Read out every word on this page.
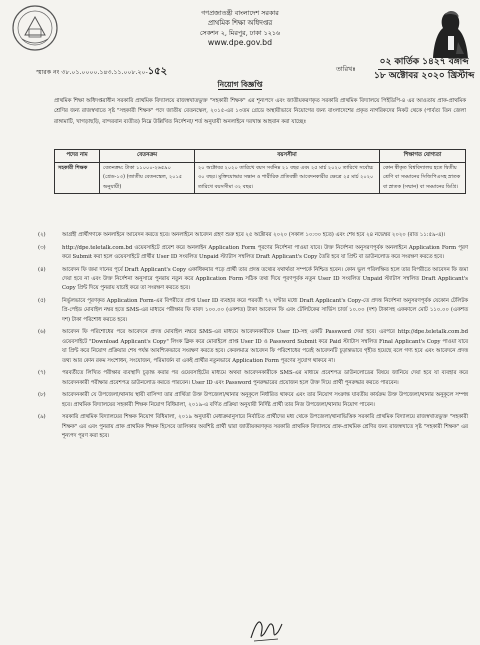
গণপ্রজাতন্ত্রী বাংলাদেশ সরকার
প্রাথমিক শিক্ষা অধিদপ্তর
সেকশন ২, মিরপুর, ঢাকা ১২১৬
www.dpe.gov.bd
স্মারক নং ৩৮.০১.০০০০.১৪৩.১১.০০৮.২০-১৫২	তারিখঃ
০২ কার্তিক ১৪২৭ বঙ্গাব্দ
১৮ অক্টোবর ২০২০ খ্রিস্টাব্দ
নিয়োগ বিজ্ঞপ্তি
প্রাথমিক শিক্ষা অধিদপ্তরাধীন সরকারি প্রাথমিক বিদ্যালয়ে রাজস্বখাতভুক্ত "সহকারী শিক্ষক" এর শূন্যপদে এবং জাতীয়করণকৃত সরকারি প্রাথমিক বিদ্যালয়ে পিইডিপি-৪ এর আওতায় প্রাক-প্রাথমিক শ্রেণির জন্য রাজস্বখাতে সৃষ্ট "সহকারী শিক্ষক" পদে জাতীয় বেতনস্কেল, ২০১৫-এর ১৩তম গ্রেডে অস্থায়ীভাবে নিয়োগের জন্য বাংলাদেশের প্রকৃত নাগরিকদের নিকট থেকে (পার্বত্য তিন জেলা রাঙ্গামাটি, খাগড়াছড়ি, বান্দরবান ব্যতীত) নিম্নে উল্লিখিত নির্দেশনা/ শর্ত অনুযায়ী অনলাইনে দরখাস্ত আহবান করা যাচ্ছেঃ
পদের নাম	বেতনক্রম	বয়সসীমা	শিক্ষাগত যোগ্যতা
সহকারী শিক্ষক	বেতনক্রম: টাকা ১১০০০-২৬৫৯০ (গ্রেড-১৩) (জাতীয় বেতনস্কেল, ২০১৫ অনুযায়ী)	২০ অক্টোবর ২০২০ তারিখে বয়স সর্বনিম্ন ২১ বছর এবং ২৫ মার্চ ২০২০ তারিখে সর্বোচ্চ ৩০ বছর। মুক্তিযোদ্ধার সন্তান ও শারীরিক প্রতিবন্ধী আবেদনকারীর ক্ষেত্রে ২৫ মার্চ ২০২০ তারিখে বয়সসীমা ৩২ বছর।	কোন স্বীকৃত বিশ্ববিদ্যালয় হতে দ্বিতীয় শ্রেণি বা সমমানের সিজিপিএসহ স্নাতক বা স্নাতক (সম্মান) বা সমমানের ডিগ্রি।
(২)	আগ্রহী প্রার্থীগণকে অনলাইনে আবেদন করতে হবে। অনলাইনে আবেদন গ্রহণ শুরু হবে ২৫ অক্টোবর ২০২০ (সকাল ১০:৩০ হতে) এবং শেষ হবে ২৪ নভেম্বর ২০২০ (রাত ১১:৫৯-এ)।
(৩)	http://dpe.teletalk.com.bd ওয়েবসাইটে প্রবেশ করে অনলাইন Application Form পূরণের নির্দেশনা পাওয়া যাবে। উক্ত নির্দেশনা অনুসরণপূর্বক অনলাইনে Application Form পূরণ করে Submit করা হলে ওয়েবসাইটে প্রার্থীর User ID সংবলিত Unpaid স্ট্যাটাস সম্বলিত Draft Applicant's Copy তৈরি হবে যা প্রিন্ট বা ডাউনলোড করে সংরক্ষণ করতে হবে।
(৪)	আবেদন ফি জমা দানের পূর্বে Draft Applicant's Copy একাধিকবার পড়ে প্রার্থী তার প্রদত্ত তথ্যের যথার্থতা সম্পর্কে নিশ্চিত হবেন। কোন ভুল পরিলক্ষিত হলে তার বিপরীতে আবেদন ফি জমা দেয়া হবে না এবং উক্ত নির্দেশনা অনুসারে পুনরায় নতুন করে Application Form সঠিক তথ্য দিয়ে পূরণপূর্বক নতুন User ID সংবলিত Unpaid স্ট্যাটাস সম্বলিত Draft Applicant's Copy প্রিন্ট দিয়ে পুনরায় যাচাই করে তা সংরক্ষণ করতে হবে।
(৫)	নির্ভুলভাবে পূরণকৃত Application Form-এর বিপরীতে প্রাপ্ত User ID ব্যবহার করে পরবর্তী ৭২ ঘণ্টার মধ্যে Draft Applicant's Copy-তে প্রদত্ত নির্দেশনা অনুসরণপূর্বক যেকোন টেলিটক প্রি-পেইড মোবাইল নম্বর হতে SMS-এর মাধ্যমে পরীক্ষার ফি বাবদ ১০০.০০ (একশত) টাকা আবেদন ফি এবং টেলিটকের সার্ভিস চার্জ ১০.০০ (দশ) টাকাসহ এককালে মোট ১১০.০০ (একশত দশ) টাকা পরিশোধ করতে হবে।
(৬)	আবেদন ফি পরিশোধের পরে আবেদনে প্রদত্ত মোবাইল নম্বরে SMS-এর মাধ্যমে আবেদনকারীকে User ID-সহ একটি Password দেয়া হবে। এরপরে http://dpe.teletalk.com.bd ওয়েবসাইটে "Download Applicant's Copy" লিংক ক্লিক করে মোবাইলে প্রাপ্ত User ID ও Password Submit করে Paid স্ট্যাটাস সম্বলিত Final Applicant's Copy পাওয়া যাবে যা প্রিন্ট করে নিয়োগ প্রক্রিয়ার শেষ পর্যন্ত আবশ্যিকভাবে সংরক্ষণ করতে হবে। কেবলমাত্র আবেদন ফি পরিশোধের পরেই আবেদনটি চূড়ান্তভাবে গৃহীত হয়েছে বলে গণ্য হবে এবং আবেদনে প্রদত্ত তথ্য আর কোন রকম সংশোধন, সংযোজন, পরিমার্জন বা একই প্রার্থীর নতুনভাবে Application Form পূরণের সুযোগ থাকবে না।
(৭)	পরবর্তীতে লিখিত পরীক্ষার ব্যবস্থাদি চূড়ান্ত করার পর ওয়েবসাইটের মাধ্যমে অথবা আবেদনকারীকে SMS-এর মাধ্যমে প্রবেশপত্র ডাউনলোডের বিষয়ে জানিয়ে দেয়া হবে যা ব্যবহার করে আবেদনকারী পরীক্ষার প্রবেশপত্র ডাউনলোড করতে পারবেন। User ID এবং Password পুনরুদ্ধারের প্রয়োজন হলে উক্ত দিয়ে প্রার্থী পুনরুদ্ধার করতে পারবেন।
(৮)	আবেদনকারী যে উপজেলা/থানায় স্থায়ী বাসিন্দা তার প্রার্থিতা উক্ত উপজেলা/থানার অনুকূলে নির্ধারিত থাকবে এবং তার নিয়োগ সংক্রান্ত যাবতীয় কার্যক্রম উক্ত উপজেলা/থানার অনুকূলে সম্পন্ন হবে। প্রাথমিক বিদ্যালয়ের সহকারী শিক্ষক নিয়োগ বিধিমালা, ২০১৯-এ বর্ণিত প্রক্রিয়া অনুযায়ী নির্দিষ্ট প্রার্থী তার নিজ উপজেলা/থানায় নিয়োগ পাবেন।
(৯)	সরকারি প্রাথমিক বিদ্যালয়ের শিক্ষক নিয়োগ বিধিমালা, ২০১৯ অনুযায়ী মেধাক্রমানুসারে নির্বাচিত প্রার্থীদের মধ্য থেকে উপজেলা/থানাভিত্তিক সরকারি প্রাথমিক বিদ্যালয়ে রাজস্বখাতভুক্ত "সহকারী শিক্ষক" এর এবং পুনরায় প্রাক প্রাথমিক শিক্ষক হিসেবে তালিকার অবশিষ্ট প্রার্থী দ্বারা জাতীয়করণকৃত সরকারি প্রাথমিক বিদ্যালয়ে প্রাক-প্রাথমিক শ্রেণির জন্য রাজস্বখাতে সৃষ্ট "সহকারী শিক্ষক" এর শূন্যপদ পূরণ করা হবে।
